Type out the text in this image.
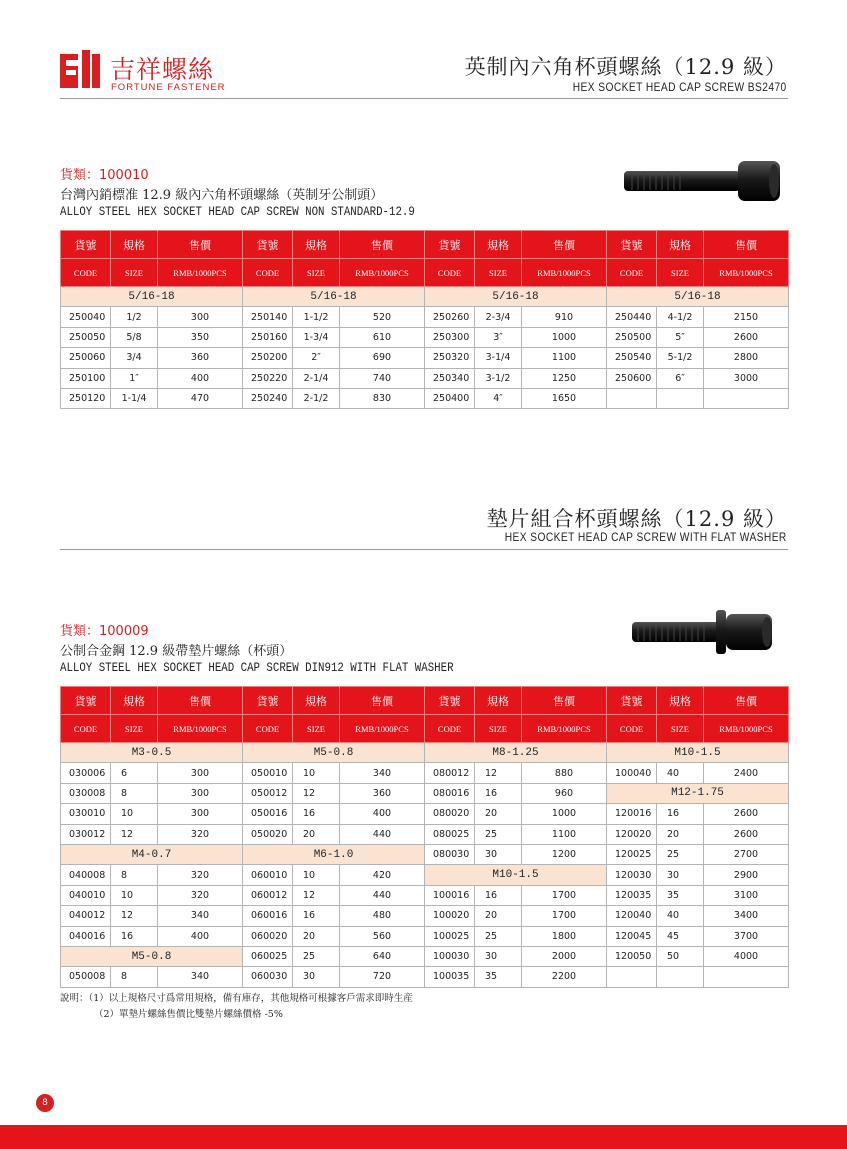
吉祥螺絲
FORTUNE FASTENER
英制內六角杯頭螺絲（12.9 級）
HEX SOCKET HEAD CAP SCREW BS2470
貨類：100010
台灣內銷標准 12.9 級內六角杯頭螺絲（英制牙公制頭）
ALLOY STEEL HEX SOCKET HEAD CAP SCREW NON STANDARD-12.9
貨號	規格	售價	貨號	規格	售價	貨號	規格	售價	貨號	規格	售價
CODE	SIZE	RMB/1000PCS	CODE	SIZE	RMB/1000PCS	CODE	SIZE	RMB/1000PCS	CODE	SIZE	RMB/1000PCS
5/16-18			5/16-18			5/16-18			5/16-18		
250040	1/2	300	250140	1-1/2	520	250260	2-3/4	910	250440	4-1/2	2150
250050	5/8	350	250160	1-3/4	610	250300	3″	1000	250500	5″	2600
250060	3/4	360	250200	2″	690	250320	3-1/4	1100	250540	5-1/2	2800
250100	1″	400	250220	2-1/4	740	250340	3-1/2	1250	250600	6″	3000
250120	1-1/4	470	250240	2-1/2	830	250400	4″	1650			
墊片組合杯頭螺絲（12.9 級）
HEX SOCKET HEAD CAP SCREW WITH FLAT WASHER
貨類：100009
公制合金鋼 12.9 級帶墊片螺絲（杯頭）
ALLOY STEEL HEX SOCKET HEAD CAP SCREW DIN912 WITH FLAT WASHER
貨號	規格	售價	貨號	規格	售價	貨號	規格	售價	貨號	規格	售價
CODE	SIZE	RMB/1000PCS	CODE	SIZE	RMB/1000PCS	CODE	SIZE	RMB/1000PCS	CODE	SIZE	RMB/1000PCS
M3-0.5			M5-0.8			M8-1.25			M10-1.5		
030006	6	300	050010	10	340	080012	12	880	100040	40	2400
030008	8	300	050012	12	360	080016	16	960	M12-1.75		
030010	10	300	050016	16	400	080020	20	1000	120016	16	2600
030012	12	320	050020	20	440	080025	25	1100	120020	20	2600
M4-0.7			M6-1.0			080030	30	1200	120025	25	2700
040008	8	320	060010	10	420	M10-1.5			120030	30	2900
040010	10	320	060012	12	440	100016	16	1700	120035	35	3100
040012	12	340	060016	16	480	100020	20	1700	120040	40	3400
040016	16	400	060020	20	560	100025	25	1800	120045	45	3700
M5-0.8			060025	25	640	100030	30	2000	120050	50	4000
050008	8	340	060030	30	720	100035	35	2200			
說明：（1）以上規格尺寸爲常用規格，備有庫存，其他規格可根據客戶需求即時生産
（2）單墊片螺絲售價比雙墊片螺絲價格 -5%
8
